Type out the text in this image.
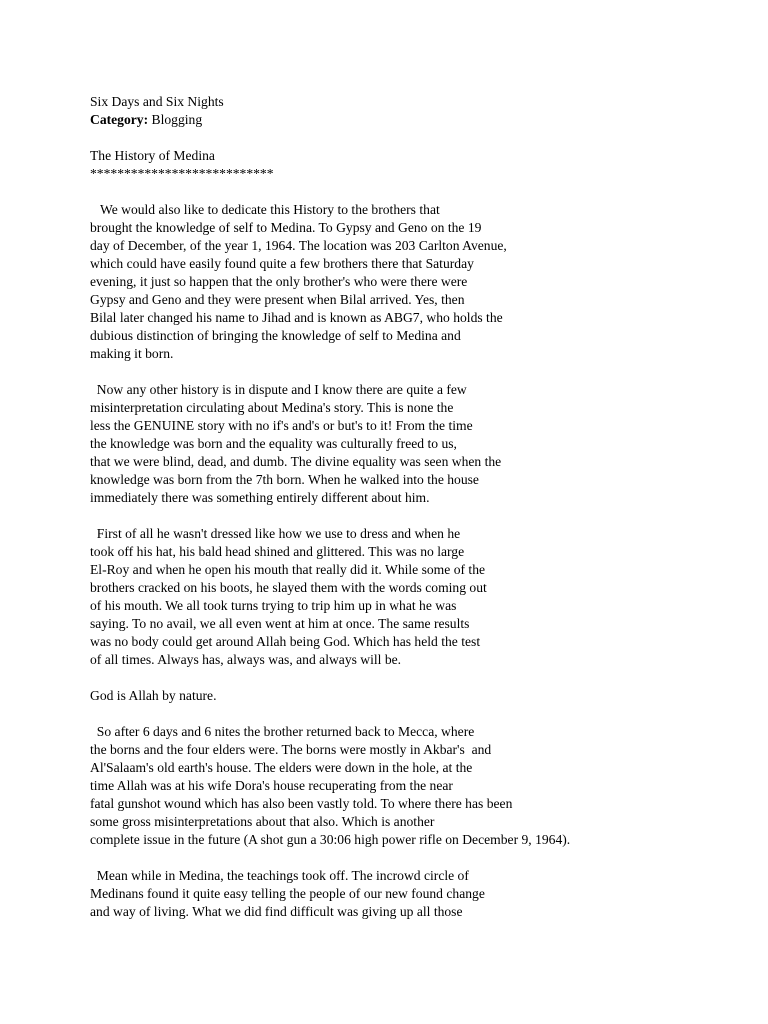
Six Days and Six Nights
Category: Blogging
The History of Medina
***************************
We would also like to dedicate this History to the brothers that
brought the knowledge of self to Medina. To Gypsy and Geno on the 19
day of December, of the year 1, 1964. The location was 203 Carlton Avenue,
which could have easily found quite a few brothers there that Saturday
evening, it just so happen that the only brother's who were there were
Gypsy and Geno and they were present when Bilal arrived. Yes, then
Bilal later changed his name to Jihad and is known as ABG7, who holds the
dubious distinction of bringing the knowledge of self to Medina and
making it born.
Now any other history is in dispute and I know there are quite a few
misinterpretation circulating about Medina's story. This is none the
less the GENUINE story with no if's and's or but's to it! From the time
the knowledge was born and the equality was culturally freed to us,
that we were blind, dead, and dumb. The divine equality was seen when the
knowledge was born from the 7th born. When he walked into the house
immediately there was something entirely different about him.
First of all he wasn't dressed like how we use to dress and when he
took off his hat, his bald head shined and glittered. This was no large
El-Roy and when he open his mouth that really did it. While some of the
brothers cracked on his boots, he slayed them with the words coming out
of his mouth. We all took turns trying to trip him up in what he was
saying. To no avail, we all even went at him at once. The same results
was no body could get around Allah being God. Which has held the test
of all times. Always has, always was, and always will be.
God is Allah by nature.
So after 6 days and 6 nites the brother returned back to Mecca, where
the borns and the four elders were. The borns were mostly in Akbar's  and
Al'Salaam's old earth's house. The elders were down in the hole, at the
time Allah was at his wife Dora's house recuperating from the near
fatal gunshot wound which has also been vastly told. To where there has been
some gross misinterpretations about that also. Which is another
complete issue in the future (A shot gun a 30:06 high power rifle on December 9, 1964).
Mean while in Medina, the teachings took off. The incrowd circle of
Medinans found it quite easy telling the people of our new found change
and way of living. What we did find difficult was giving up all those
